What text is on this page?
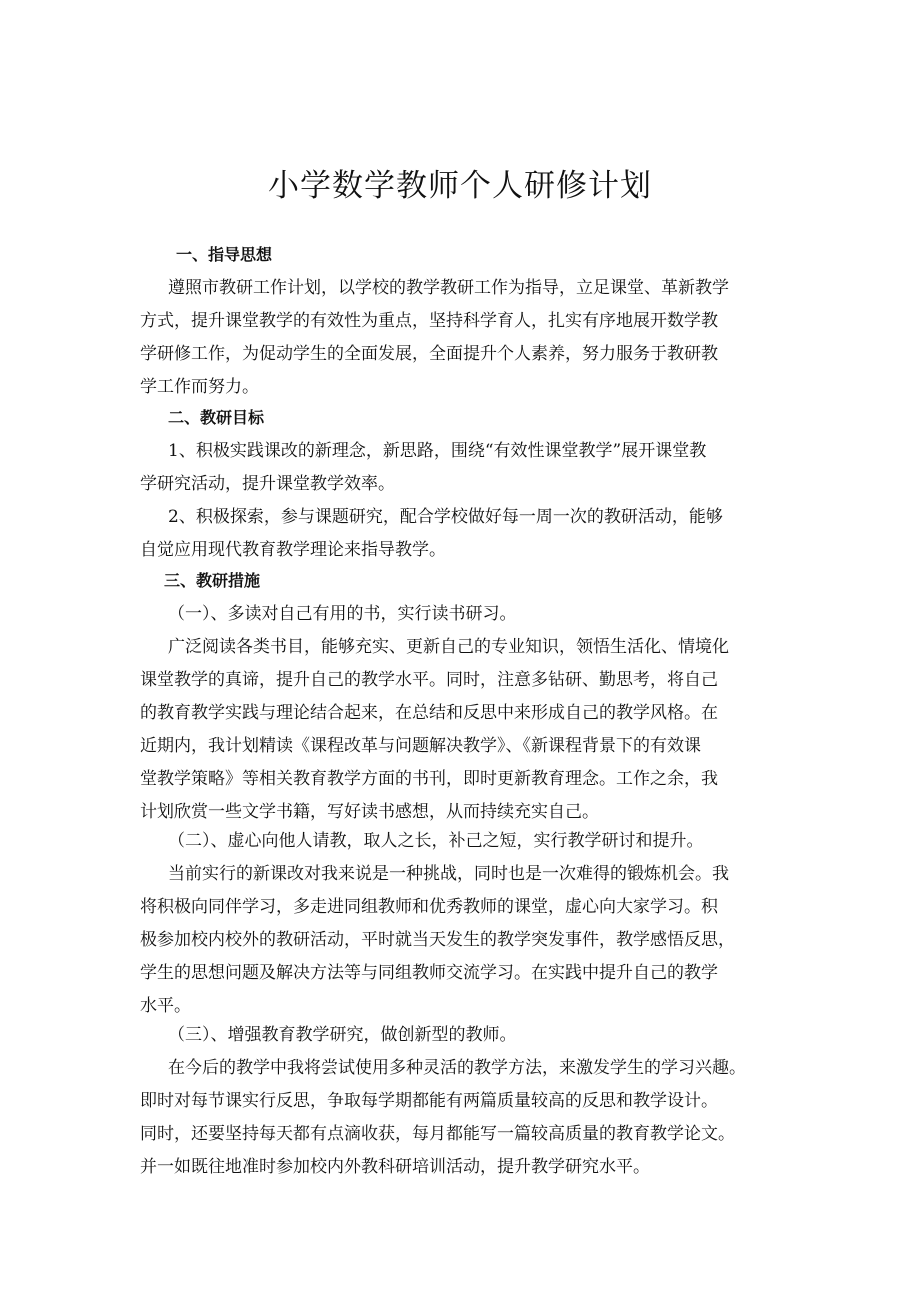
小学数学教师个人研修计划
一、指导思想
遵照市教研工作计划，以学校的教学教研工作为指导，立足课堂、革新教学
方式，提升课堂教学的有效性为重点，坚持科学育人，扎实有序地展开数学教
学研修工作，为促动学生的全面发展，全面提升个人素养，努力服务于教研教
学工作而努力。
二、教研目标
1、积极实践课改的新理念，新思路，围绕“有效性课堂教学”展开课堂教
学研究活动，提升课堂教学效率。
2、积极探索，参与课题研究，配合学校做好每一周一次的教研活动，能够
自觉应用现代教育教学理论来指导教学。
三、教研措施
（一）、多读对自己有用的书，实行读书研习。
广泛阅读各类书目，能够充实、更新自己的专业知识，领悟生活化、情境化
课堂教学的真谛，提升自己的教学水平。同时，注意多钻研、勤思考，将自己
的教育教学实践与理论结合起来，在总结和反思中来形成自己的教学风格。在
近期内，我计划精读《课程改革与问题解决教学》、《新课程背景下的有效课
堂教学策略》等相关教育教学方面的书刊，即时更新教育理念。工作之余，我
计划欣赏一些文学书籍，写好读书感想，从而持续充实自己。
（二）、虚心向他人请教，取人之长，补己之短，实行教学研讨和提升。
当前实行的新课改对我来说是一种挑战，同时也是一次难得的锻炼机会。我
将积极向同伴学习，多走进同组教师和优秀教师的课堂，虚心向大家学习。积
极参加校内校外的教研活动，平时就当天发生的教学突发事件，教学感悟反思，
学生的思想问题及解决方法等与同组教师交流学习。在实践中提升自己的教学
水平。
（三）、增强教育教学研究，做创新型的教师。
在今后的教学中我将尝试使用多种灵活的教学方法，来激发学生的学习兴趣。
即时对每节课实行反思，争取每学期都能有两篇质量较高的反思和教学设计。
同时，还要坚持每天都有点滴收获，每月都能写一篇较高质量的教育教学论文。
并一如既往地准时参加校内外教科研培训活动，提升教学研究水平。
